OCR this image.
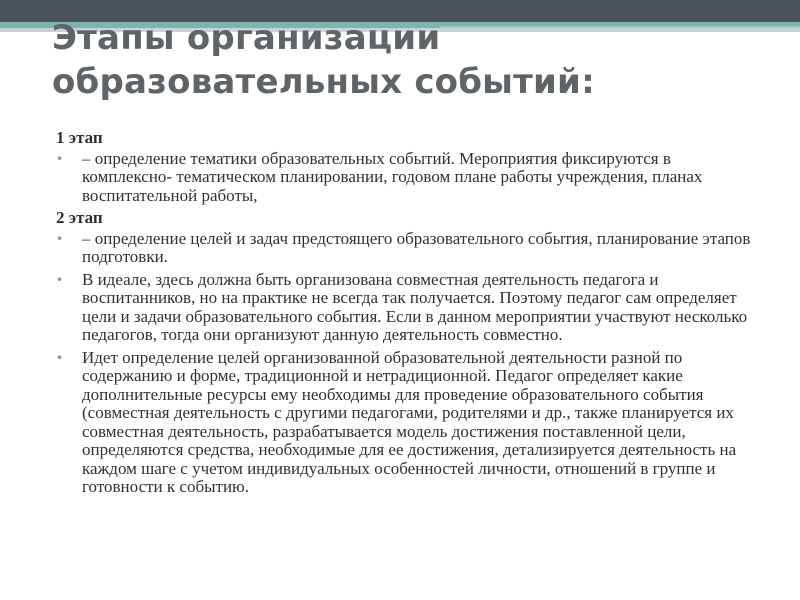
Этапы организации
образовательных событий:

1 этап

• – определение тематики образовательных событий. Мероприятия фиксируются в комплексно- тематическом планировании, годовом плане работы учреждения, планах воспитательной работы,

2 этап

• – определение целей и задач предстоящего образовательного события, планирование этапов подготовки.

• В идеале, здесь должна быть организована совместная деятельность педагога и воспитанников, но на практике не всегда так получается. Поэтому педагог сам определяет цели и задачи образовательного события. Если в данном мероприятии участвуют несколько педагогов, тогда они организуют данную деятельность совместно.

• Идет определение целей организованной образовательной деятельности разной по содержанию и форме, традиционной и нетрадиционной. Педагог определяет какие дополнительные ресурсы ему необходимы для проведение образовательного события (совместная деятельность с другими педагогами, родителями и др., также планируется их совместная деятельность, разрабатывается модель достижения поставленной цели, определяются средства, необходимые для ее достижения, детализируется деятельность на каждом шаге с учетом индивидуальных особенностей личности, отношений в группе и готовности к событию.
